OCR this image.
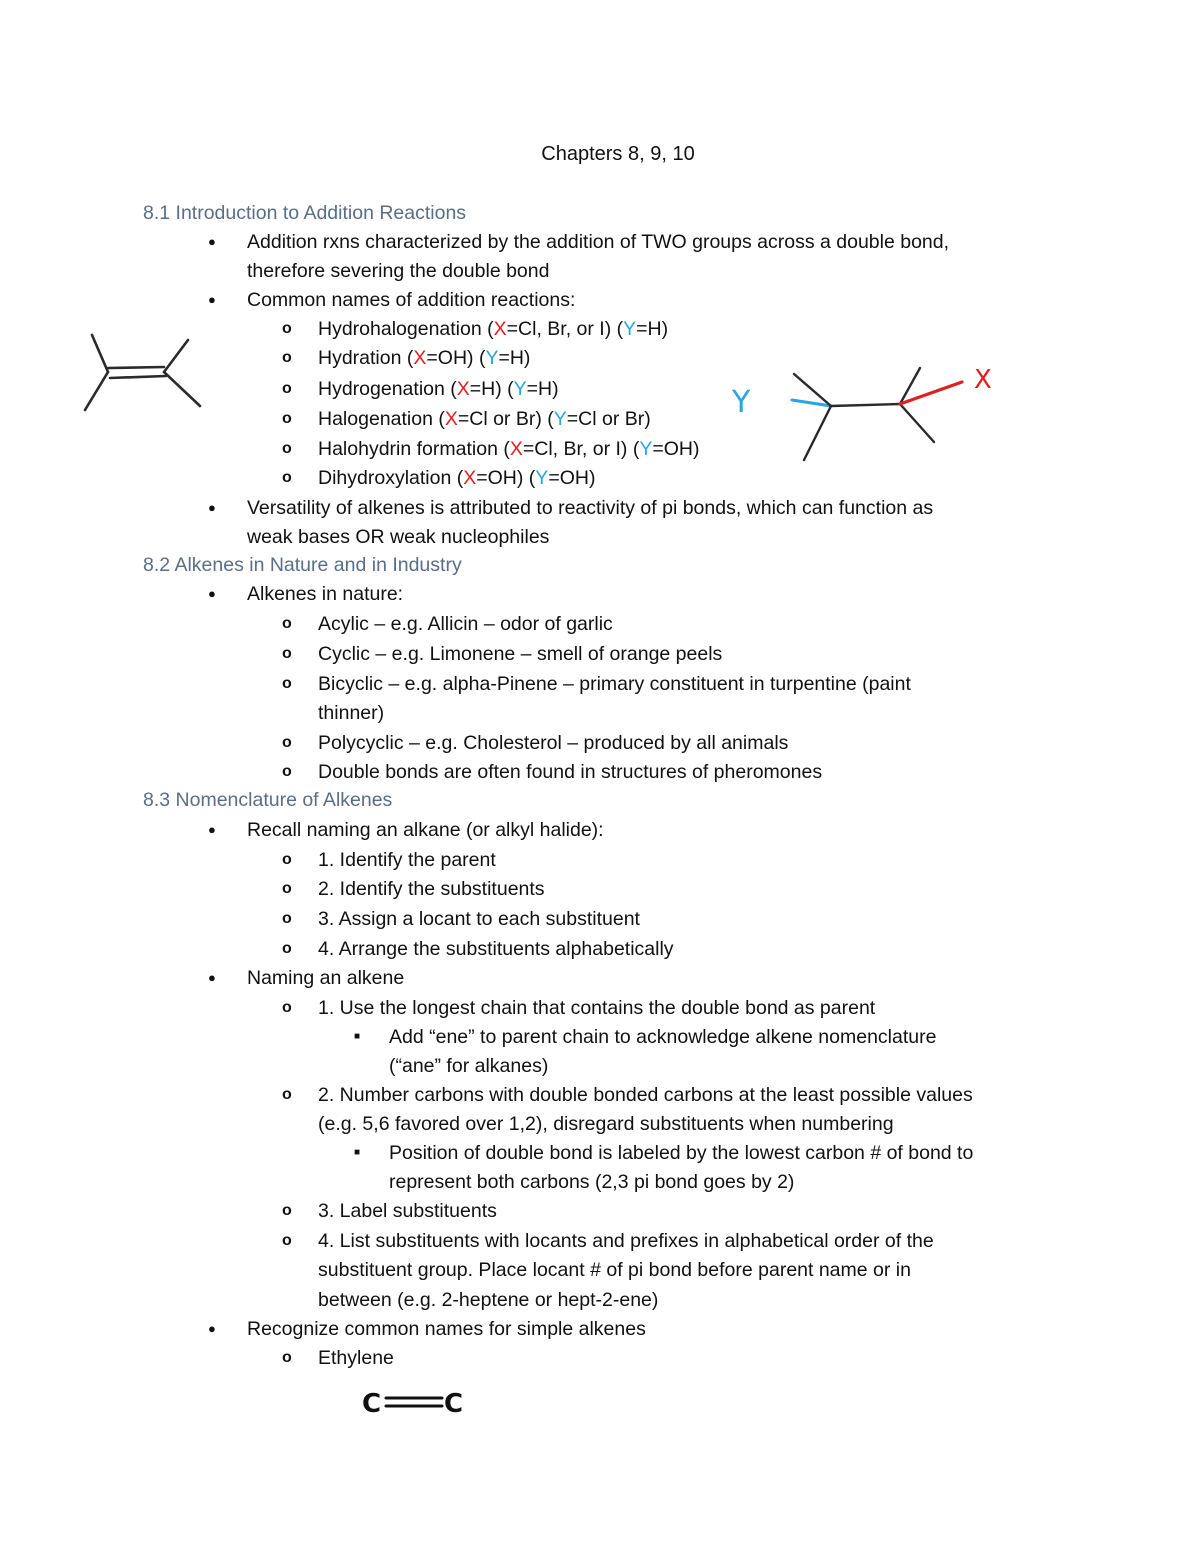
Chapters 8, 9, 10
8.1 Introduction to Addition Reactions
● Addition rxns characterized by the addition of TWO groups across a double bond,
therefore severing the double bond
● Common names of addition reactions:
o Hydrohalogenation (X=Cl, Br, or I) (Y=H)
o Hydration (X=OH) (Y=H)
o Hydrogenation (X=H) (Y=H)
o Halogenation (X=Cl or Br) (Y=Cl or Br)
o Halohydrin formation (X=Cl, Br, or I) (Y=OH)
o Dihydroxylation (X=OH) (Y=OH)
● Versatility of alkenes is attributed to reactivity of pi bonds, which can function as
weak bases OR weak nucleophiles
Y
X
8.2 Alkenes in Nature and in Industry
● Alkenes in nature:
o Acylic – e.g. Allicin – odor of garlic
o Cyclic – e.g. Limonene – smell of orange peels
o Bicyclic – e.g. alpha-Pinene – primary constituent in turpentine (paint
thinner)
o Polycyclic – e.g. Cholesterol – produced by all animals
o Double bonds are often found in structures of pheromones
8.3 Nomenclature of Alkenes
● Recall naming an alkane (or alkyl halide):
o 1. Identify the parent
o 2. Identify the substituents
o 3. Assign a locant to each substituent
o 4. Arrange the substituents alphabetically
● Naming an alkene
o 1. Use the longest chain that contains the double bond as parent
■ Add “ene” to parent chain to acknowledge alkene nomenclature
(“ane” for alkanes)
o 2. Number carbons with double bonded carbons at the least possible values
(e.g. 5,6 favored over 1,2), disregard substituents when numbering
■ Position of double bond is labeled by the lowest carbon # of bond to
represent both carbons (2,3 pi bond goes by 2)
o 3. Label substituents
o 4. List substituents with locants and prefixes in alphabetical order of the
substituent group. Place locant # of pi bond before parent name or in
between (e.g. 2-heptene or hept-2-ene)
● Recognize common names for simple alkenes
o Ethylene
C C
